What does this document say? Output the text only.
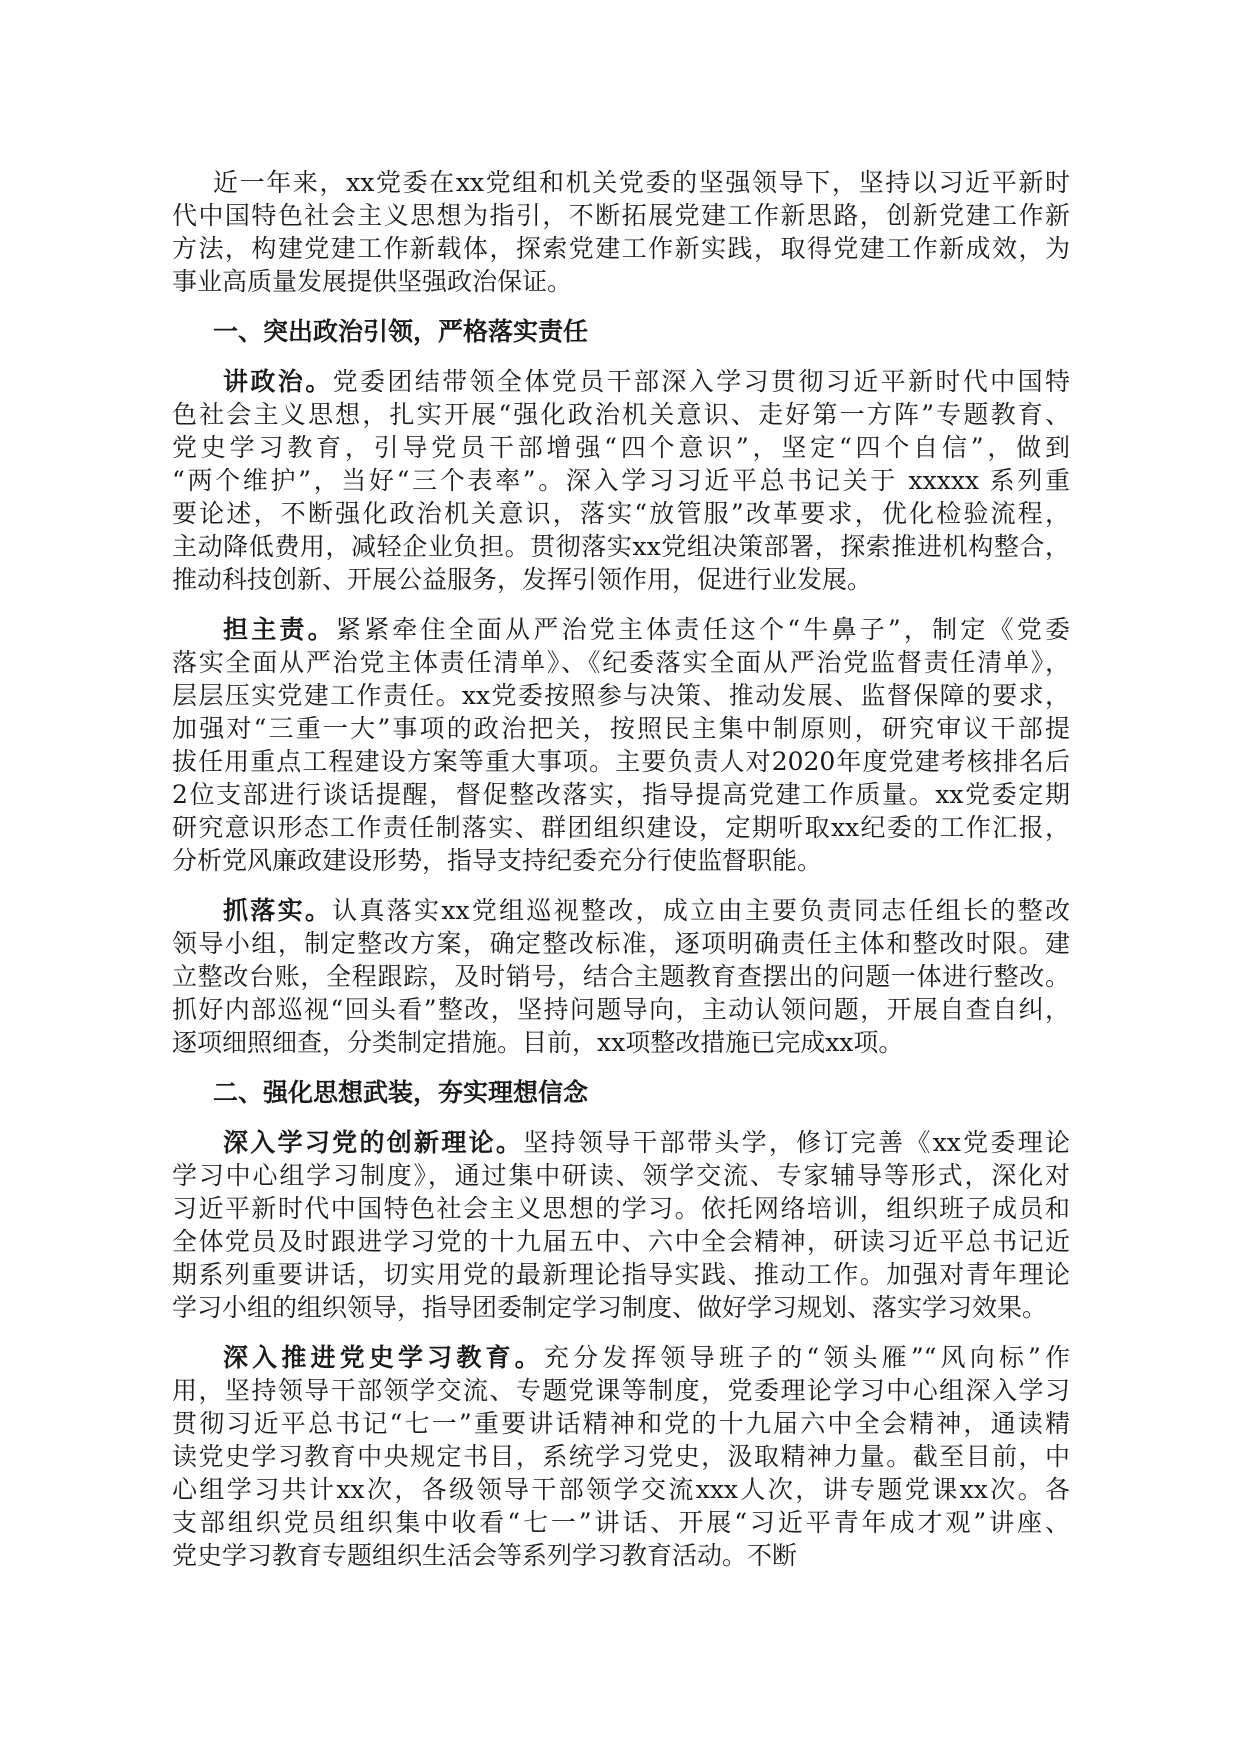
近一年来，xx党委在xx党组和机关党委的坚强领导下，坚持以习近平新时
代中国特色社会主义思想为指引，不断拓展党建工作新思路，创新党建工作新
方法，构建党建工作新载体，探索党建工作新实践，取得党建工作新成效，为
事业高质量发展提供坚强政治保证。
一、突出政治引领，严格落实责任
讲政治。党委团结带领全体党员干部深入学习贯彻习近平新时代中国特
色社会主义思想，扎实开展“强化政治机关意识、走好第一方阵”专题教育、
党史学习教育，引导党员干部增强“四个意识”，坚定“四个自信”，做到
“两个维护”，当好“三个表率”。深入学习习近平总书记关于 xxxxx 系列重
要论述，不断强化政治机关意识，落实“放管服”改革要求，优化检验流程，
主动降低费用，减轻企业负担。贯彻落实xx党组决策部署，探索推进机构整合，
推动科技创新、开展公益服务，发挥引领作用，促进行业发展。
担主责。紧紧牵住全面从严治党主体责任这个“牛鼻子”，制定《党委
落实全面从严治党主体责任清单》、《纪委落实全面从严治党监督责任清单》，
层层压实党建工作责任。xx党委按照参与决策、推动发展、监督保障的要求，
加强对“三重一大”事项的政治把关，按照民主集中制原则，研究审议干部提
拔任用重点工程建设方案等重大事项。主要负责人对2020年度党建考核排名后
2位支部进行谈话提醒，督促整改落实，指导提高党建工作质量。xx党委定期
研究意识形态工作责任制落实、群团组织建设，定期听取xx纪委的工作汇报，
分析党风廉政建设形势，指导支持纪委充分行使监督职能。
抓落实。认真落实xx党组巡视整改，成立由主要负责同志任组长的整改
领导小组，制定整改方案，确定整改标准，逐项明确责任主体和整改时限。建
立整改台账，全程跟踪，及时销号，结合主题教育查摆出的问题一体进行整改。
抓好内部巡视“回头看”整改，坚持问题导向，主动认领问题，开展自查自纠，
逐项细照细查，分类制定措施。目前，xx项整改措施已完成xx项。
二、强化思想武装，夯实理想信念
深入学习党的创新理论。坚持领导干部带头学，修订完善《xx党委理论
学习中心组学习制度》，通过集中研读、领学交流、专家辅导等形式，深化对
习近平新时代中国特色社会主义思想的学习。依托网络培训，组织班子成员和
全体党员及时跟进学习党的十九届五中、六中全会精神，研读习近平总书记近
期系列重要讲话，切实用党的最新理论指导实践、推动工作。加强对青年理论
学习小组的组织领导，指导团委制定学习制度、做好学习规划、落实学习效果。
深入推进党史学习教育。充分发挥领导班子的“领头雁”“风向标”作
用，坚持领导干部领学交流、专题党课等制度，党委理论学习中心组深入学习
贯彻习近平总书记“七一”重要讲话精神和党的十九届六中全会精神，通读精
读党史学习教育中央规定书目，系统学习党史，汲取精神力量。截至目前，中
心组学习共计xx次，各级领导干部领学交流xxx人次，讲专题党课xx次。各
支部组织党员组织集中收看“七一”讲话、开展“习近平青年成才观”讲座、
党史学习教育专题组织生活会等系列学习教育活动。不断
